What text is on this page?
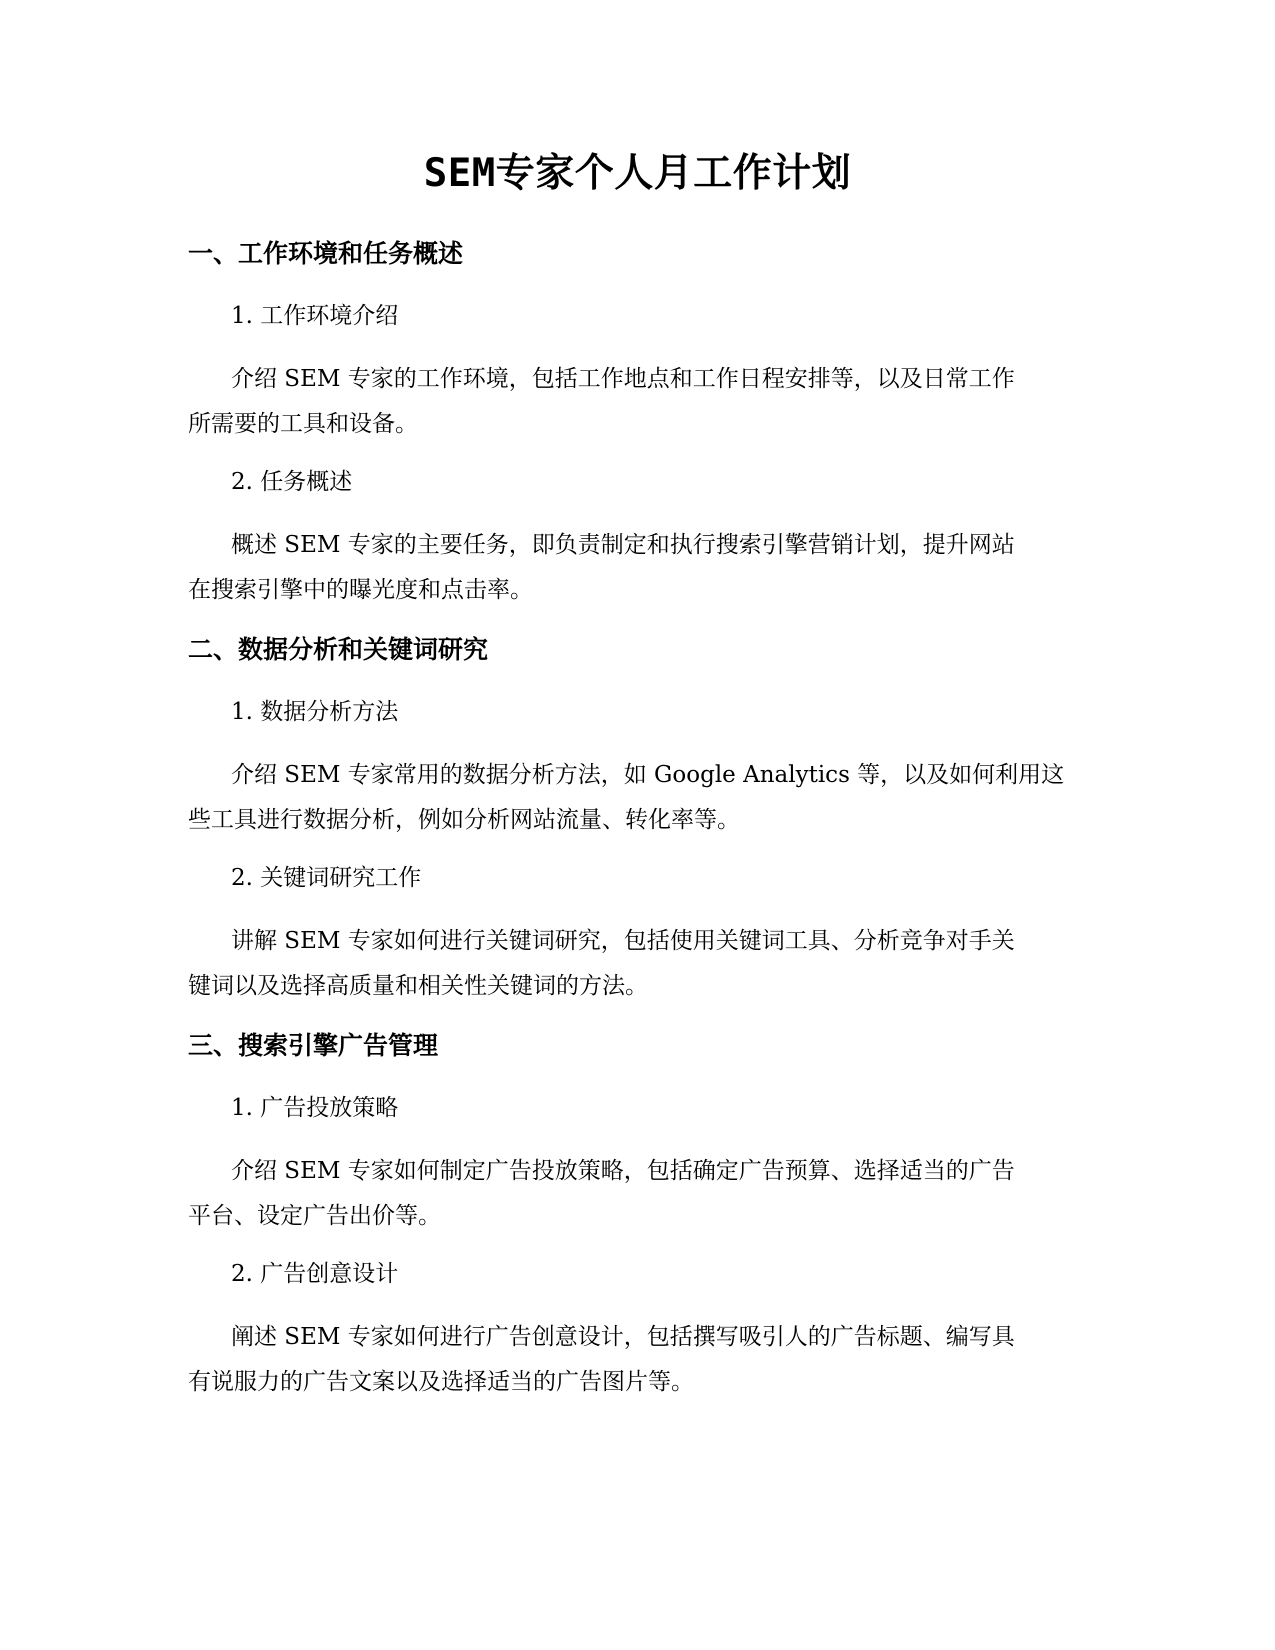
SEM专家个人月工作计划
一、工作环境和任务概述
1. 工作环境介绍
介绍 SEM 专家的工作环境，包括工作地点和工作日程安排等，以及日常工作
所需要的工具和设备。
2. 任务概述
概述 SEM 专家的主要任务，即负责制定和执行搜索引擎营销计划，提升网站
在搜索引擎中的曝光度和点击率。
二、数据分析和关键词研究
1. 数据分析方法
介绍 SEM 专家常用的数据分析方法，如 Google Analytics 等，以及如何利用这
些工具进行数据分析，例如分析网站流量、转化率等。
2. 关键词研究工作
讲解 SEM 专家如何进行关键词研究，包括使用关键词工具、分析竞争对手关
键词以及选择高质量和相关性关键词的方法。
三、搜索引擎广告管理
1. 广告投放策略
介绍 SEM 专家如何制定广告投放策略，包括确定广告预算、选择适当的广告
平台、设定广告出价等。
2. 广告创意设计
阐述 SEM 专家如何进行广告创意设计，包括撰写吸引人的广告标题、编写具
有说服力的广告文案以及选择适当的广告图片等。
